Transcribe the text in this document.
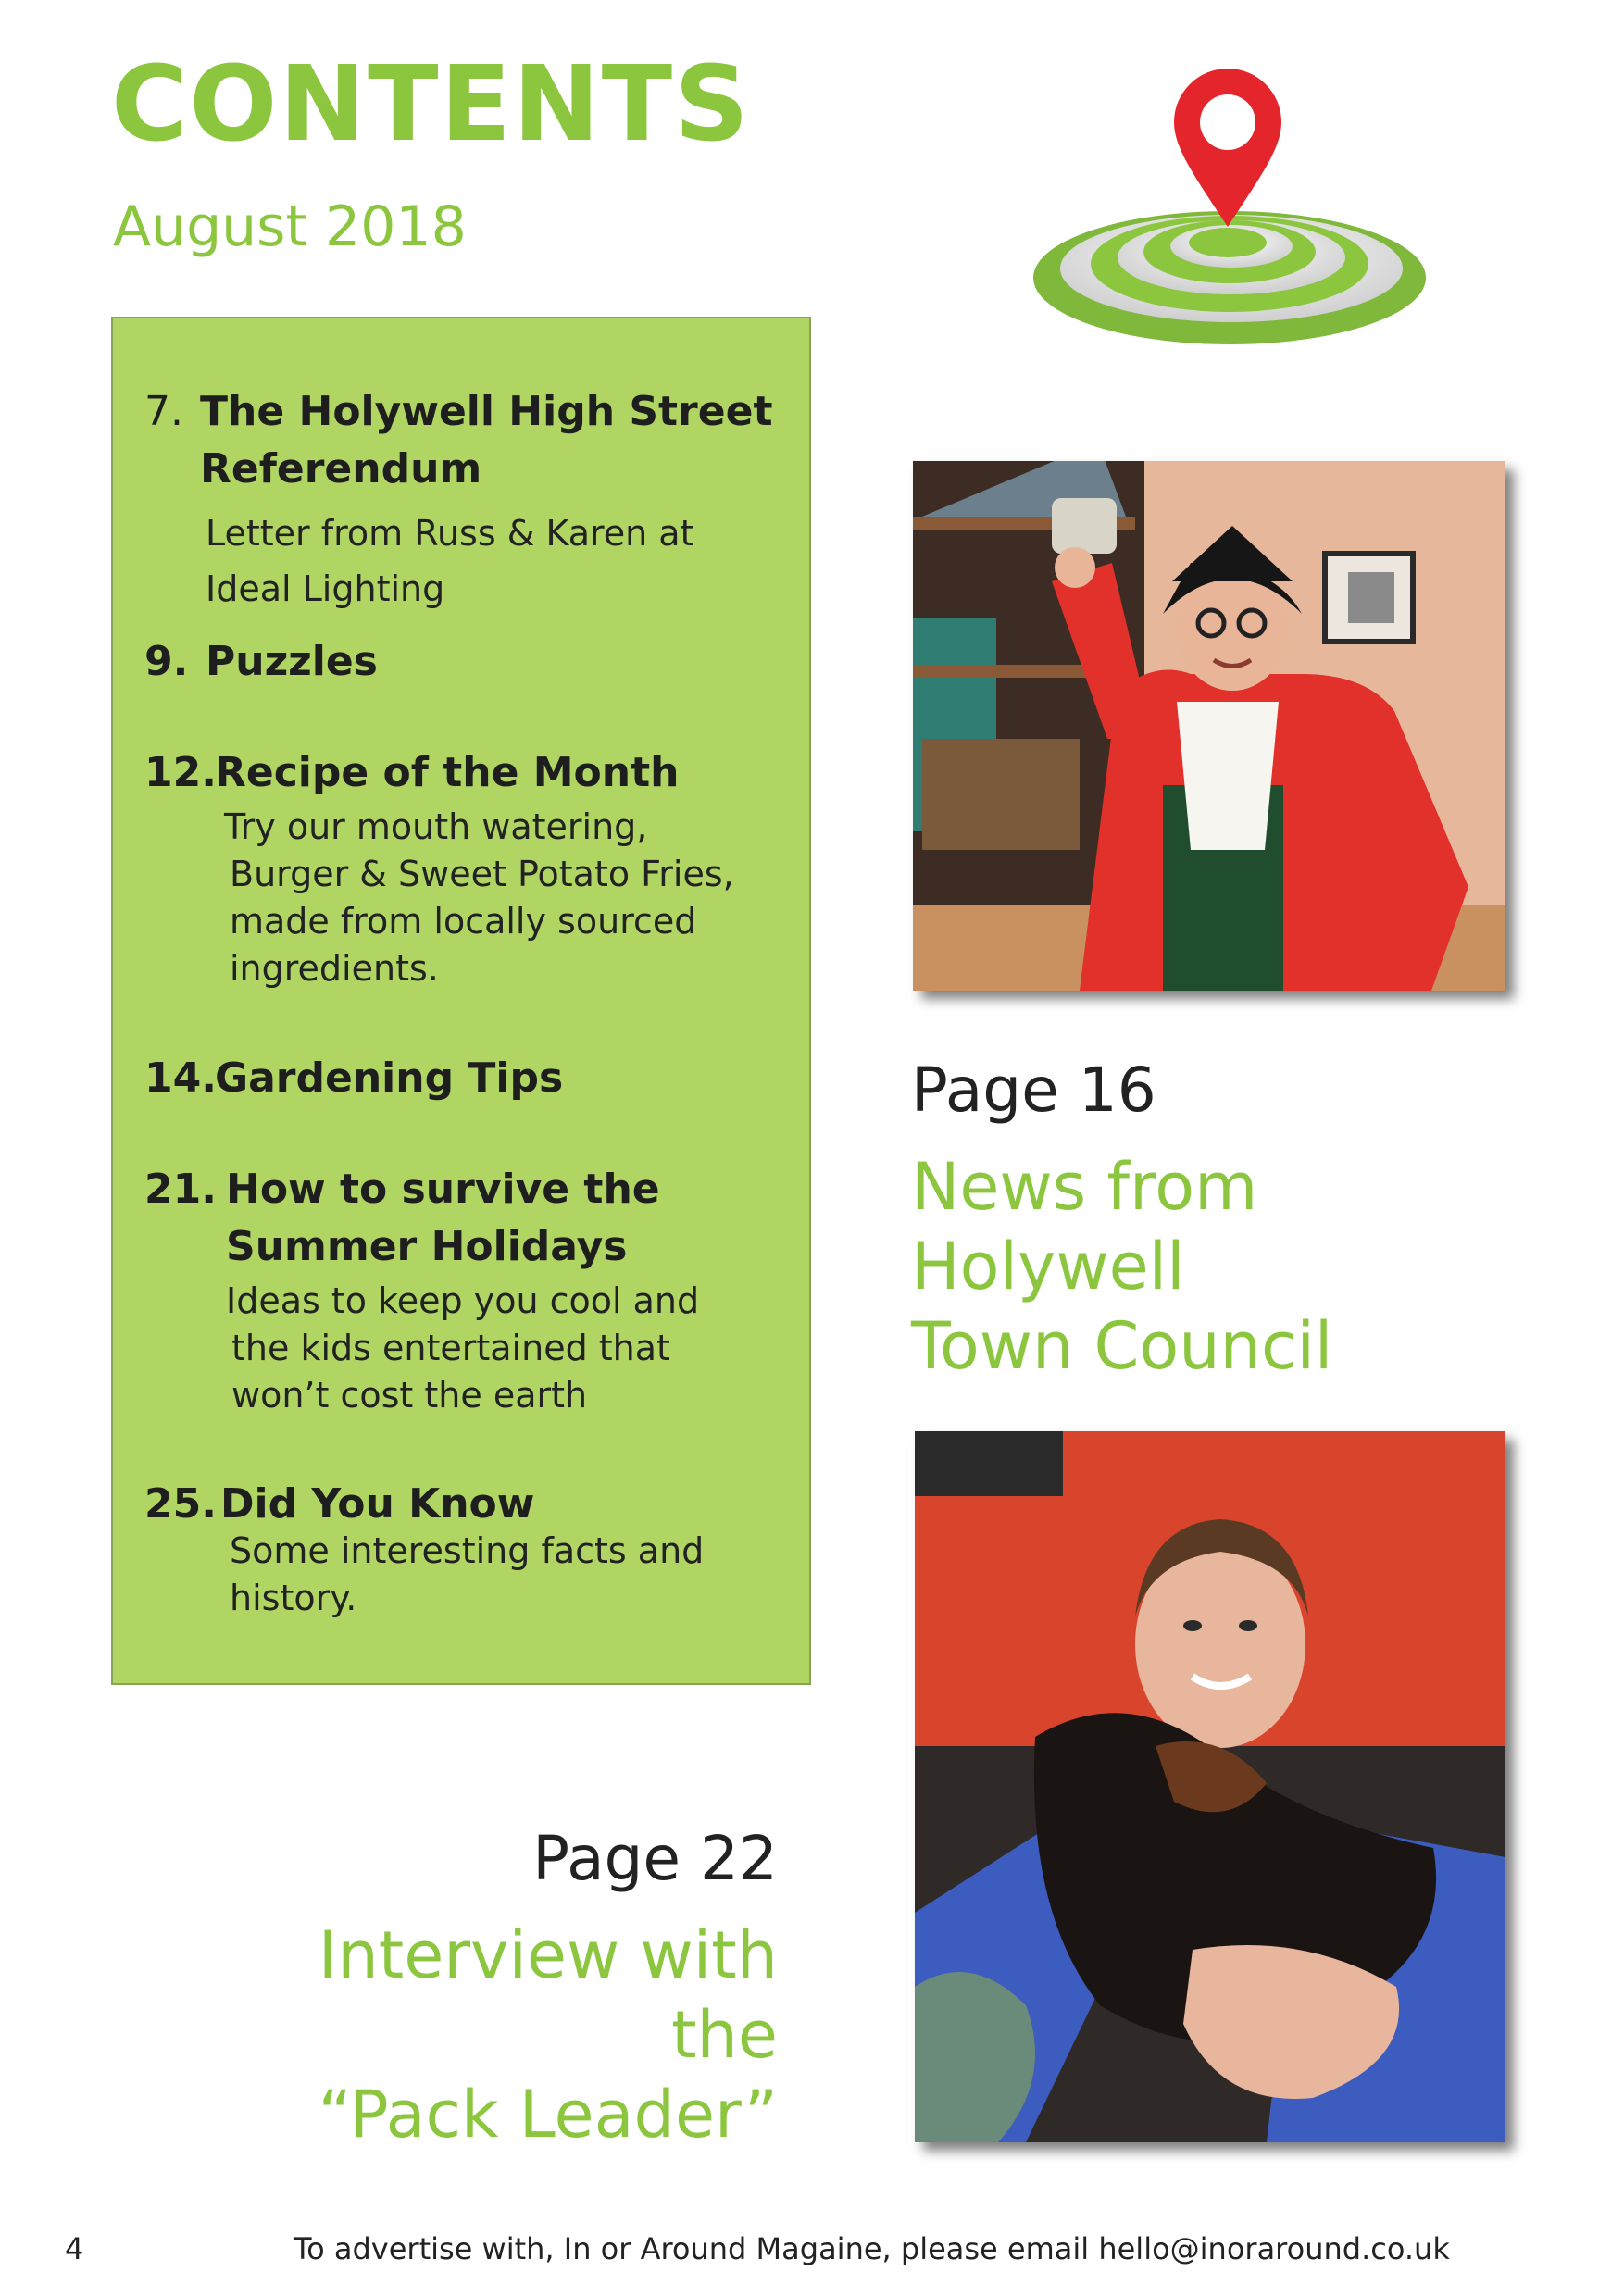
CONTENTS
August 2018
7. The Holywell High Street
Referendum
Letter from Russ & Karen at
Ideal Lighting
9. Puzzles
12.
Recipe of the Month
Try our mouth watering,
Burger & Sweet Potato Fries,
made from locally sourced
ingredients.
14.
Gardening Tips
21. How to survive the
Summer Holidays
Ideas to keep you cool and
the kids entertained that
won’t cost the earth
25. Did You Know
Some interesting facts and
history.
Page 16
News from
Holywell
Town Council
Page 22
Interview with the
“Pack Leader”
4	To advertise with, In or Around Magaine, please email hello@inoraround.co.uk
